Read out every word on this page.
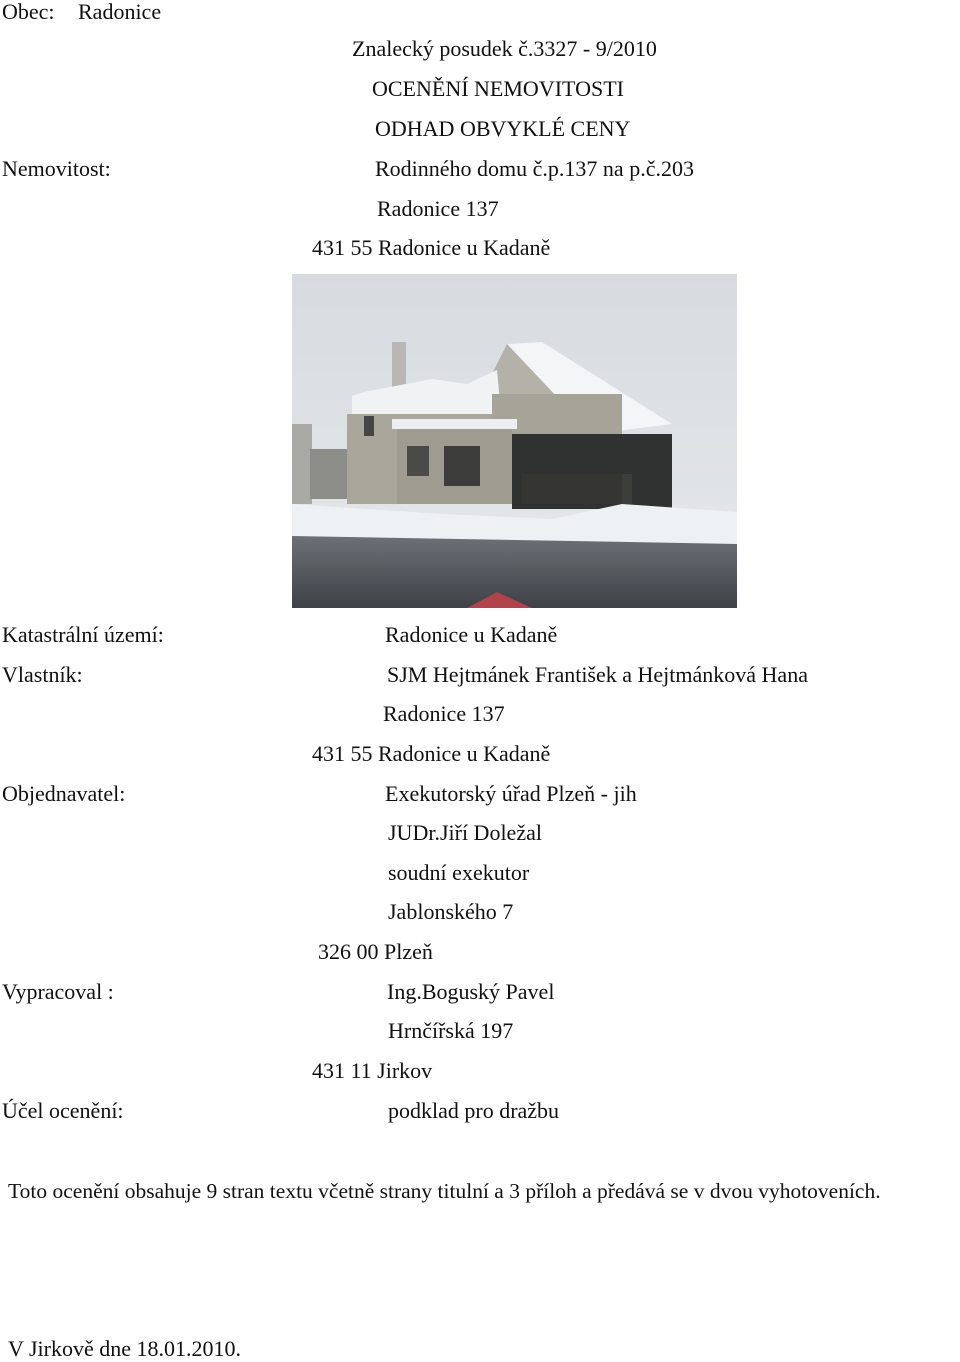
Obec: Radonice
Znalecký posudek č.3327 - 9/2010
OCENĚNÍ NEMOVITOSTI
ODHAD OBVYKLÉ CENY
Nemovitost:	Rodinného domu č.p.137 na p.č.203
Radonice 137
431 55 Radonice u Kadaně
Katastrální území:	Radonice u Kadaně
Vlastník:	SJM Hejtmánek František a Hejtmánková Hana
Radonice 137
431 55 Radonice u Kadaně
Objednavatel:	Exekutorský úřad Plzeň - jih
JUDr.Jiří Doležal
soudní exekutor
Jablonského 7
326 00 Plzeň
Vypracoval :	Ing.Boguský Pavel
Hrnčířská 197
431 11 Jirkov
Účel ocenění:	podklad pro dražbu
Toto ocenění obsahuje 9 stran textu včetně strany titulní a 3 příloh a předává se v dvou vyhotoveních.
V Jirkově dne 18.01.2010.
